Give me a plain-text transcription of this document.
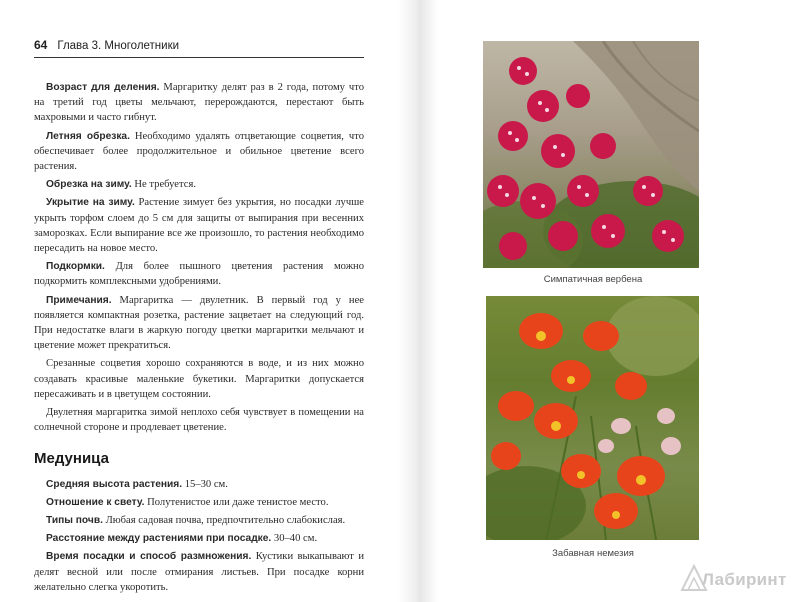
64 Глава 3. Многолетники

Возраст для деления. Маргаритку делят раз в 2 года, потому что на третий год цветы мельчают, перерождаются, перестают быть махровыми и часто гибнут.

Летняя обрезка. Необходимо удалять отцветающие соцветия, что обеспечивает более продолжительное и обильное цветение всего растения.

Обрезка на зиму. Не требуется.

Укрытие на зиму. Растение зимует без укрытия, но посадки лучше укрыть торфом слоем до 5 см для защиты от выпирания при весенних заморозках. Если выпирание все же произошло, то растения необходимо пересадить на новое место.

Подкормки. Для более пышного цветения растения можно подкормить комплексными удобрениями.

Примечания. Маргаритка — двулетник. В первый год у нее появляется компактная розетка, растение зацветает на следующий год. При недостатке влаги в жаркую погоду цветки маргаритки мельчают и цветение может прекратиться.

Срезанные соцветия хорошо сохраняются в воде, и из них можно создавать красивые маленькие букетики. Маргаритки допускается пересаживать и в цветущем состоянии.

Двулетняя маргаритка зимой неплохо себя чувствует в помещении на солнечной стороне и продлевает цветение.

Медуница

Средняя высота растения. 15–30 см.

Отношение к свету. Полутенистое или даже тенистое место.

Типы почв. Любая садовая почва, предпочтительно слабокислая.

Расстояние между растениями при посадке. 30–40 см.

Время посадки и способ размножения. Кустики выкапывают и делят весной или после отмирания листьев. При посадке корни желательно слегка укоротить.

Симпатичная вербена
Забавная немезия
Лабиринт
